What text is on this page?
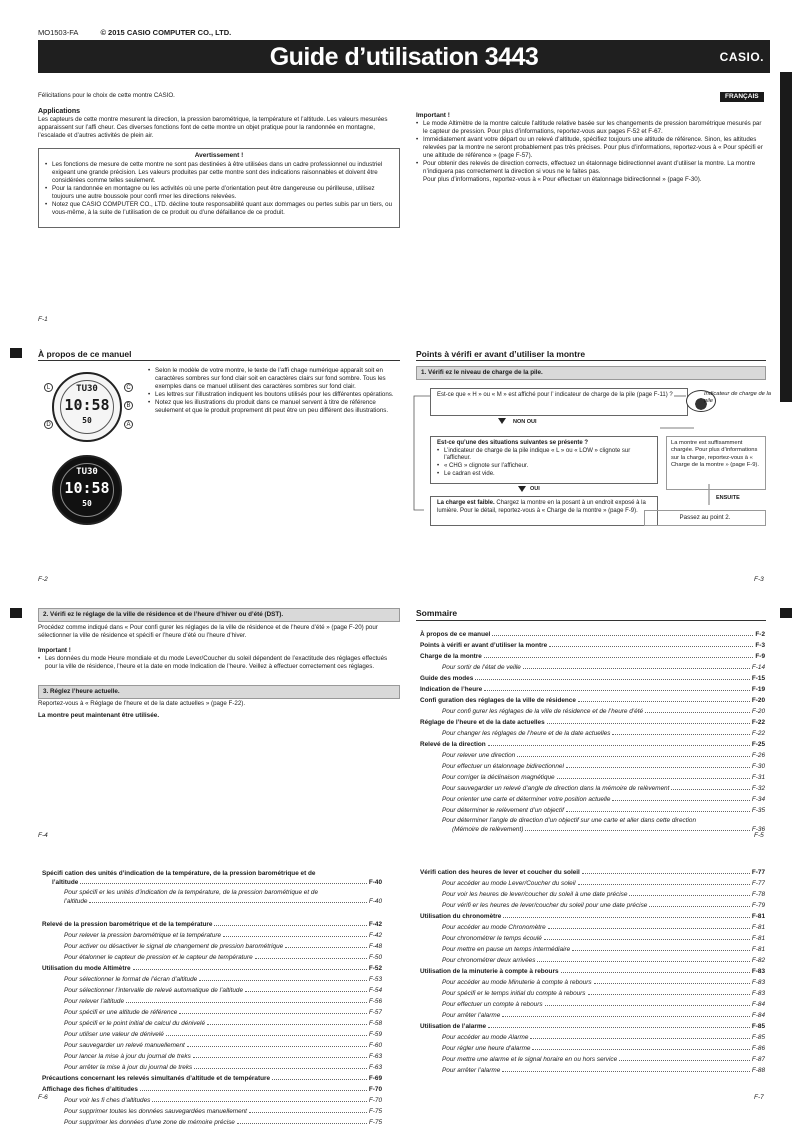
MO1503-FA	© 2015 CASIO COMPUTER CO., LTD.
Guide d’utilisation 3443	CASIO.
FRANÇAIS
Félicitations pour le choix de cette montre CASIO.
Applications
Les capteurs de cette montre mesurent la direction, la pression barométrique, la température et l’altitude. Les valeurs mesurées apparaissent sur l’affi cheur. Ces diverses fonctions font de cette montre un objet pratique pour la randonnée en montagne, l’escalade et d’autres activités de plein air.
Avertissement !
• Les fonctions de mesure de cette montre ne sont pas destinées à être utilisées dans un cadre professionnel ou industriel exigeant une grande précision. Les valeurs produites par cette montre sont des indications raisonnables et doivent être considérées comme telles seulement.
• Pour la randonnée en montagne ou les activités où une perte d’orientation peut être dangereuse ou périlleuse, utilisez toujours une autre boussole pour confi rmer les directions relevées.
• Notez que CASIO COMPUTER CO., LTD. décline toute responsabilité quant aux dommages ou pertes subis par un tiers, ou vous-même, à la suite de l’utilisation de ce produit ou d’une défaillance de ce produit.
Important !
• Le mode Altimètre de la montre calcule l’altitude relative basée sur les changements de pression barométrique mesurés par le capteur de pression. Pour plus d’informations, reportez-vous aux pages F-52 et F-67.
• Immédiatement avant votre départ ou un relevé d’altitude, spécifiez toujours une altitude de référence. Sinon, les altitudes relevées par la montre ne seront probablement pas très précises. Pour plus d’informations, reportez-vous à « Pour spécifi er une altitude de référence » (page F-57).
• Pour obtenir des relevés de direction corrects, effectuez un étalonnage bidirectionnel avant d’utiliser la montre. La montre n’indiquera pas correctement la direction si vous ne le faites pas.
Pour plus d’informations, reportez-vous à « Pour effectuer un étalonnage bidirectionnel » (page F-30).
F-1
À propos de ce manuel
TU30
10:58
50
L	C
B
D	A
TU30
10:58
50
• Selon le modèle de votre montre, le texte de l’affi chage numérique apparaît soit en caractères sombres sur fond clair soit en caractères clairs sur fond sombre. Tous les exemples dans ce manuel utilisent des caractères sombres sur fond clair.
• Les lettres sur l’illustration indiquent les boutons utilisés pour les différentes opérations.
• Notez que les illustrations du produit dans ce manuel servent à titre de référence seulement et que le produit proprement dit peut être un peu différent des illustrations.
F-2
Points à vérifi er avant d’utiliser la montre
1. Vérifi ez le niveau de charge de la pile.
Est-ce que « H » ou « M » est affiché pour l’ indicateur de charge de la pile (page F-11) ?	Indicateur de charge de la pile
NON OUI
Est-ce qu’une des situations suivantes se présente ?
• L’indicateur de charge de la pile indique « L » ou « LOW » clignote sur l’afficheur.
• « CHG » clignote sur l’afficheur.
• Le cadran est vide.
La montre est suffisamment chargée. Pour plus d’informations sur la charge, reportez-vous à « Charge de la montre » (page F-9).
OUI
ENSUITE
La charge est faible. Chargez la montre en la posant à un endroit exposé à la lumière. Pour le détail, reportez-vous à « Charge de la montre » (page F-9).
Passez au point 2.
F-3
2. Vérifi ez le réglage de la ville de résidence et de l’heure d’hiver ou d’été (DST).
Procédez comme indiqué dans « Pour confi gurer les réglages de la ville de résidence et de l’heure d’été » (page F-20) pour sélectionner la ville de résidence et spécifi er l’heure d’été ou l’heure d’hiver.
Important !
• Les données du mode Heure mondiale et du mode Lever/Coucher du soleil dépendent de l’exactitude des réglages effectués pour la ville de résidence, l’heure et la date en mode Indication de l’heure. Veillez à effectuer correctement ces réglages.
3. Réglez l’heure actuelle.
Reportez-vous à « Réglage de l’heure et de la date actuelles » (page F-22).
La montre peut maintenant être utilisée.
F-4
Sommaire
À propos de ce manuel	F-2
Points à vérifi er avant d’utiliser la montre	F-3
Charge de la montre	F-9
Pour sortir de l’état de veille	F-14
Guide des modes	F-15
Indication de l’heure	F-19
Confi guration des réglages de la ville de résidence	F-20
Pour confi gurer les réglages de la ville de résidence et de l’heure d’été	F-20
Réglage de l’heure et de la date actuelles	F-22
Pour changer les réglages de l’heure et de la date actuelles	F-22
Relevé de la direction	F-25
Pour relever une direction	F-26
Pour effectuer un étalonnage bidirectionnel	F-30
Pour corriger la déclinaison magnétique	F-31
Pour sauvegarder un relevé d’angle de direction dans la mémoire de relèvement	F-32
Pour orienter une carte et déterminer votre position actuelle	F-34
Pour déterminer le relèvement d’un objectif	F-35
Pour déterminer l’angle de direction d’un objectif sur une carte et aller dans cette direction
(Mémoire de relèvement)	F-36
F-5
Spécifi cation des unités d’indication de la température, de la pression barométrique et de
l’altitude	F-40
Pour spécifi er les unités d’indication de la température, de la pression barométrique et de
l’altitude	F-40
Relevé de la pression barométrique et de la température	F-42
Pour relever la pression barométrique et la température	F-42
Pour activer ou désactiver le signal de changement de pression barométrique	F-48
Pour étalonner le capteur de pression et le capteur de température	F-50
Utilisation du mode Altimètre	F-52
Pour sélectionner le format de l’écran d’altitude	F-53
Pour sélectionner l’intervalle de relevé automatique de l’altitude	F-54
Pour relever l’altitude	F-56
Pour spécifi er une altitude de référence	F-57
Pour spécifi er le point initial de calcul du dénivelé	F-58
Pour utiliser une valeur de dénivelé	F-59
Pour sauvegarder un relevé manuellement	F-60
Pour lancer la mise à jour du journal de treks	F-63
Pour arrêter la mise à jour du journal de treks	F-63
Précautions concernant les relevés simultanés d’altitude et de température	F-69
Affichage des fiches d’altitudes	F-70
Pour voir les fi ches d’altitudes	F-70
Pour supprimer toutes les données sauvegardées manuellement	F-75
Pour supprimer les données d’une zone de mémoire précise	F-75
F-6
Vérifi cation des heures de lever et coucher du soleil	F-77
Pour accéder au mode Lever/Coucher du soleil	F-77
Pour voir les heures de lever/coucher du soleil à une date précise	F-78
Pour vérifi er les heures de lever/coucher du soleil pour une date précise	F-79
Utilisation du chronomètre	F-81
Pour accéder au mode Chronomètre	F-81
Pour chronométrer le temps écoulé	F-81
Pour mettre en pause un temps intermédiaire	F-81
Pour chronométrer deux arrivées	F-82
Utilisation de la minuterie à compte à rebours	F-83
Pour accéder au mode Minuterie à compte à rebours	F-83
Pour spécifi er le temps initial du compte à rebours	F-83
Pour effectuer un compte à rebours	F-84
Pour arrêter l’alarme	F-84
Utilisation de l’alarme	F-85
Pour accéder au mode Alarme	F-85
Pour régler une heure d’alarme	F-86
Pour mettre une alarme et le signal horaire en ou hors service	F-87
Pour arrêter l’alarme	F-88
F-7
